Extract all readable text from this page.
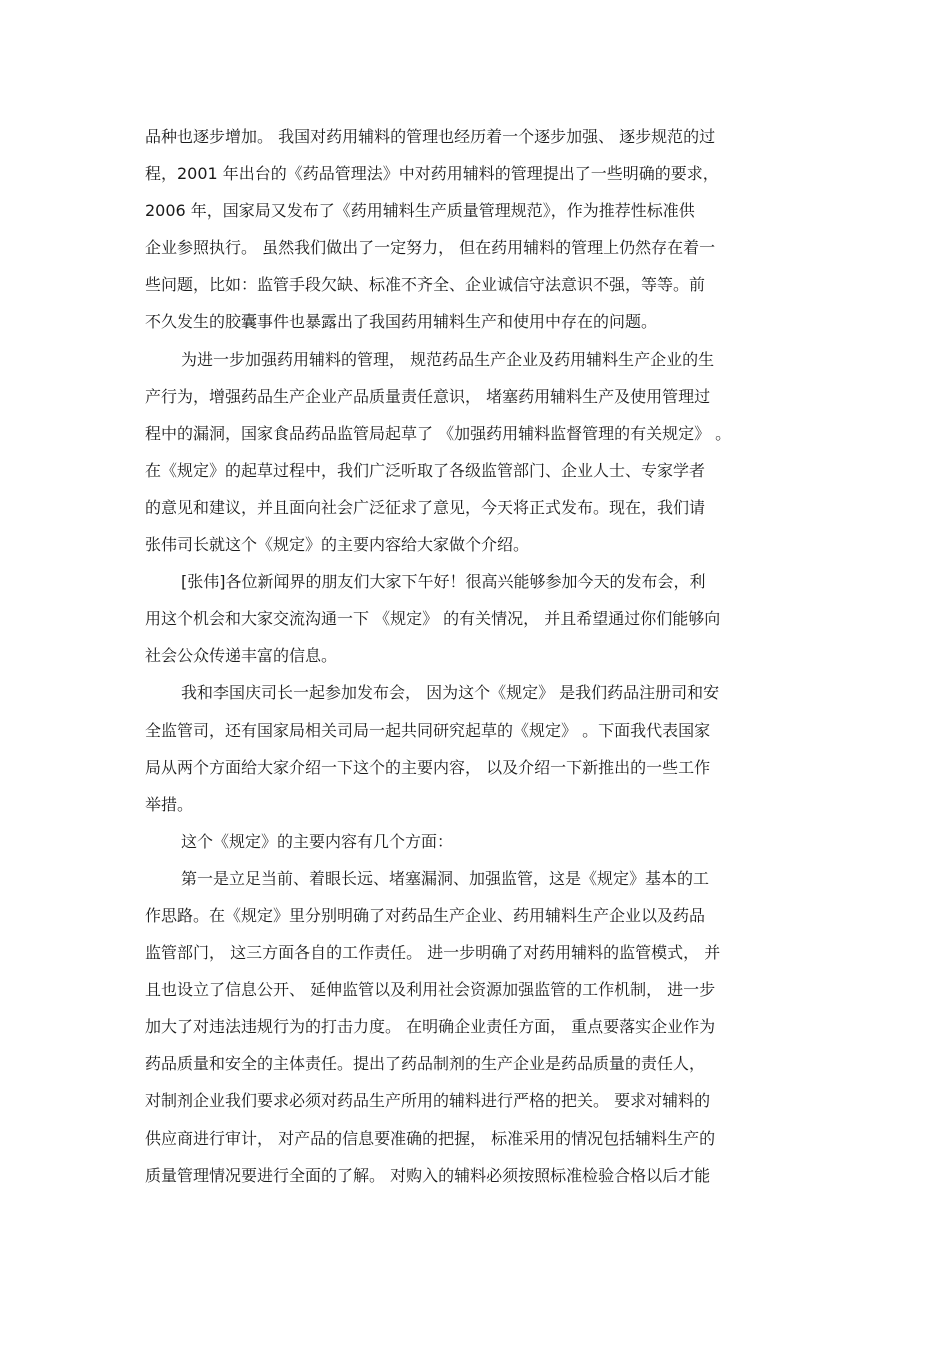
品种也逐步增加。 我国对药用辅料的管理也经历着一个逐步加强、 逐步规范的过
程，2001 年出台的《药品管理法》中对药用辅料的管理提出了一些明确的要求，
2006 年，国家局又发布了《药用辅料生产质量管理规范》，作为推荐性标准供
企业参照执行。 虽然我们做出了一定努力， 但在药用辅料的管理上仍然存在着一
些问题，比如：监管手段欠缺、标准不齐全、企业诚信守法意识不强，等等。前
不久发生的胶囊事件也暴露出了我国药用辅料生产和使用中存在的问题。
为进一步加强药用辅料的管理， 规范药品生产企业及药用辅料生产企业的生
产行为，增强药品生产企业产品质量责任意识， 堵塞药用辅料生产及使用管理过
程中的漏洞，国家食品药品监管局起草了 《加强药用辅料监督管理的有关规定》 。
在《规定》的起草过程中，我们广泛听取了各级监管部门、企业人士、专家学者
的意见和建议，并且面向社会广泛征求了意见，今天将正式发布。现在，我们请
张伟司长就这个《规定》的主要内容给大家做个介绍。
[张伟]各位新闻界的朋友们大家下午好！很高兴能够参加今天的发布会，利
用这个机会和大家交流沟通一下 《规定》 的有关情况， 并且希望通过你们能够向
社会公众传递丰富的信息。
我和李国庆司长一起参加发布会， 因为这个《规定》 是我们药品注册司和安
全监管司，还有国家局相关司局一起共同研究起草的《规定》 。下面我代表国家
局从两个方面给大家介绍一下这个的主要内容， 以及介绍一下新推出的一些工作
举措。
这个《规定》的主要内容有几个方面：
第一是立足当前、着眼长远、堵塞漏洞、加强监管，这是《规定》基本的工
作思路。在《规定》里分别明确了对药品生产企业、药用辅料生产企业以及药品
监管部门， 这三方面各自的工作责任。 进一步明确了对药用辅料的监管模式， 并
且也设立了信息公开、 延伸监管以及利用社会资源加强监管的工作机制， 进一步
加大了对违法违规行为的打击力度。 在明确企业责任方面， 重点要落实企业作为
药品质量和安全的主体责任。提出了药品制剂的生产企业是药品质量的责任人，
对制剂企业我们要求必须对药品生产所用的辅料进行严格的把关。 要求对辅料的
供应商进行审计， 对产品的信息要准确的把握， 标准采用的情况包括辅料生产的
质量管理情况要进行全面的了解。 对购入的辅料必须按照标准检验合格以后才能
